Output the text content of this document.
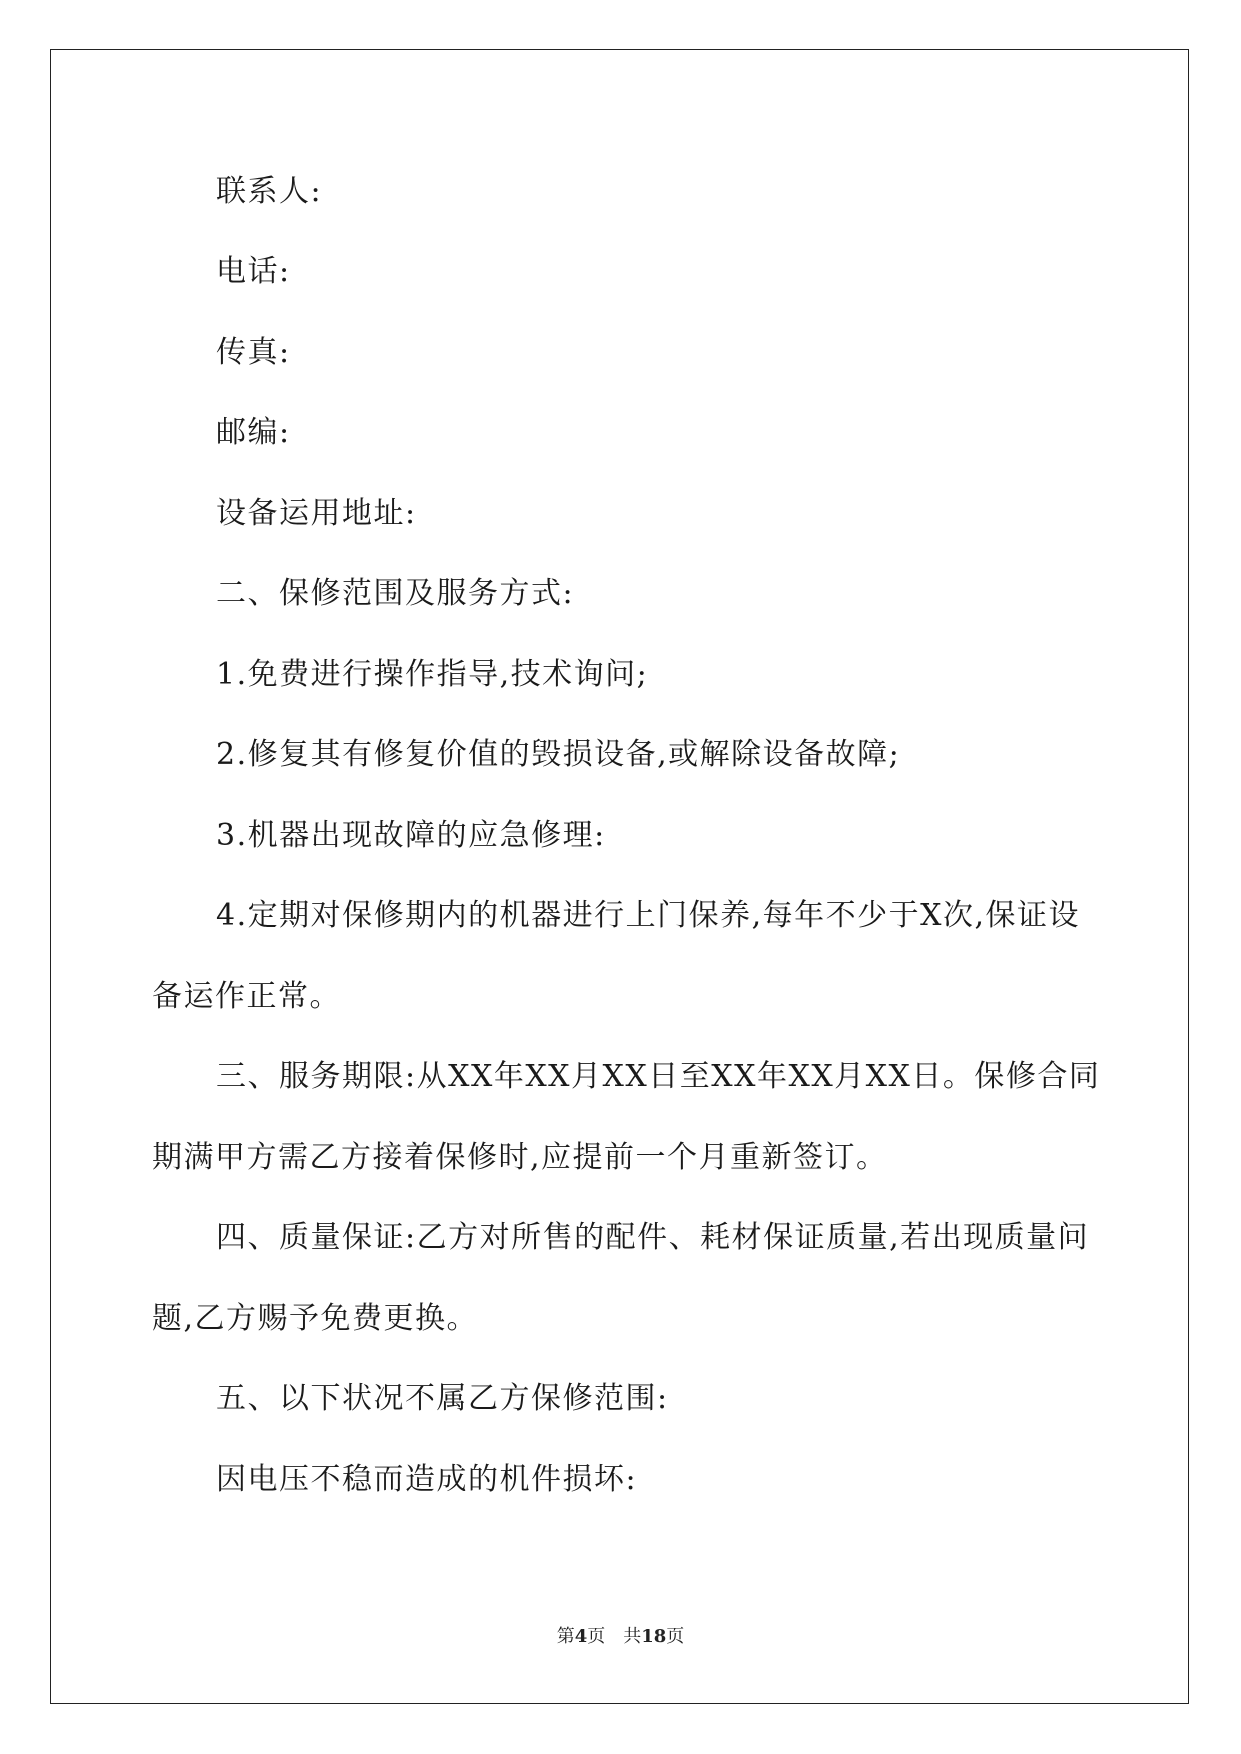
联系人:
电话:
传真:
邮编:
设备运用地址:
二、保修范围及服务方式:
1.免费进行操作指导,技术询问;
2.修复其有修复价值的毁损设备,或解除设备故障;
3.机器出现故障的应急修理:
4.定期对保修期内的机器进行上门保养,每年不少于X次,保证设
备运作正常。
三、服务期限:从XX年XX月XX日至XX年XX月XX日。保修合同
期满甲方需乙方接着保修时,应提前一个月重新签订。
四、质量保证:乙方对所售的配件、耗材保证质量,若出现质量问
题,乙方赐予免费更换。
五、以下状况不属乙方保修范围:
因电压不稳而造成的机件损坏:
第4页 共18页
